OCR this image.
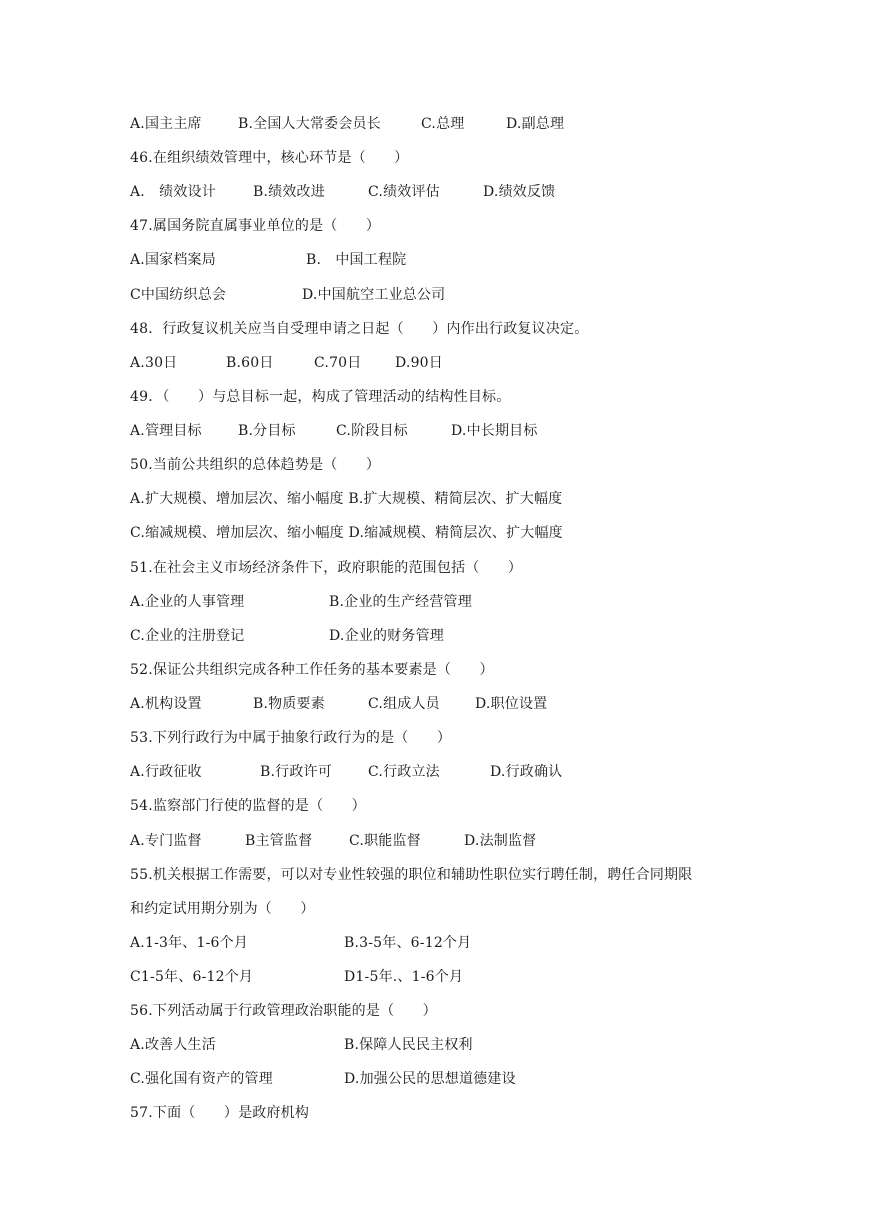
A.国主主席	B.全国人大常委会员长	C.总理	D.副总理
46.在组织绩效管理中，核心环节是（　　）
A.　绩效设计	B.绩效改进	C.绩效评估	D.绩效反馈
47.属国务院直属事业单位的是（　　）
A.国家档案局	B.　中国工程院
C中国纺织总会	D.中国航空工业总公司
48．行政复议机关应当自受理申请之日起（　　）内作出行政复议决定。
A.30日	B.60日	C.70日 D.90日
49．（　　）与总目标一起，构成了管理活动的结构性目标。
A.管理目标	B.分目标	C.阶段目标	D.中长期目标
50.当前公共组织的总体趋势是（　　）
A.扩大规模、增加层次、缩小幅度 B.扩大规模、精简层次、扩大幅度
C.缩减规模、增加层次、缩小幅度 D.缩减规模、精简层次、扩大幅度
51.在社会主义市场经济条件下，政府职能的范围包括（　　）
A.企业的人事管理	B.企业的生产经营管理
C.企业的注册登记	D.企业的财务管理
52.保证公共组织完成各种工作任务的基本要素是（　　）
A.机构设置	B.物质要素	C.组成人员	D.职位设置
53.下列行政行为中属于抽象行政行为的是（　　）
A.行政征收	B.行政许可	C.行政立法	D.行政确认
54.监察部门行使的监督的是（　　）
A.专门监督	B主管监督	C.职能监督	D.法制监督
55.机关根据工作需要，可以对专业性较强的职位和辅助性职位实行聘任制，聘任合同期限
和约定试用期分别为（　　）
A.1-3年、1-6个月	B.3-5年、6-12个月
C1-5年、6-12个月	D1-5年.、1-6个月
56.下列活动属于行政管理政治职能的是（　　）
A.改善人生活	B.保障人民民主权利
C.强化国有资产的管理	D.加强公民的思想道德建设
57.下面（　　）是政府机构
